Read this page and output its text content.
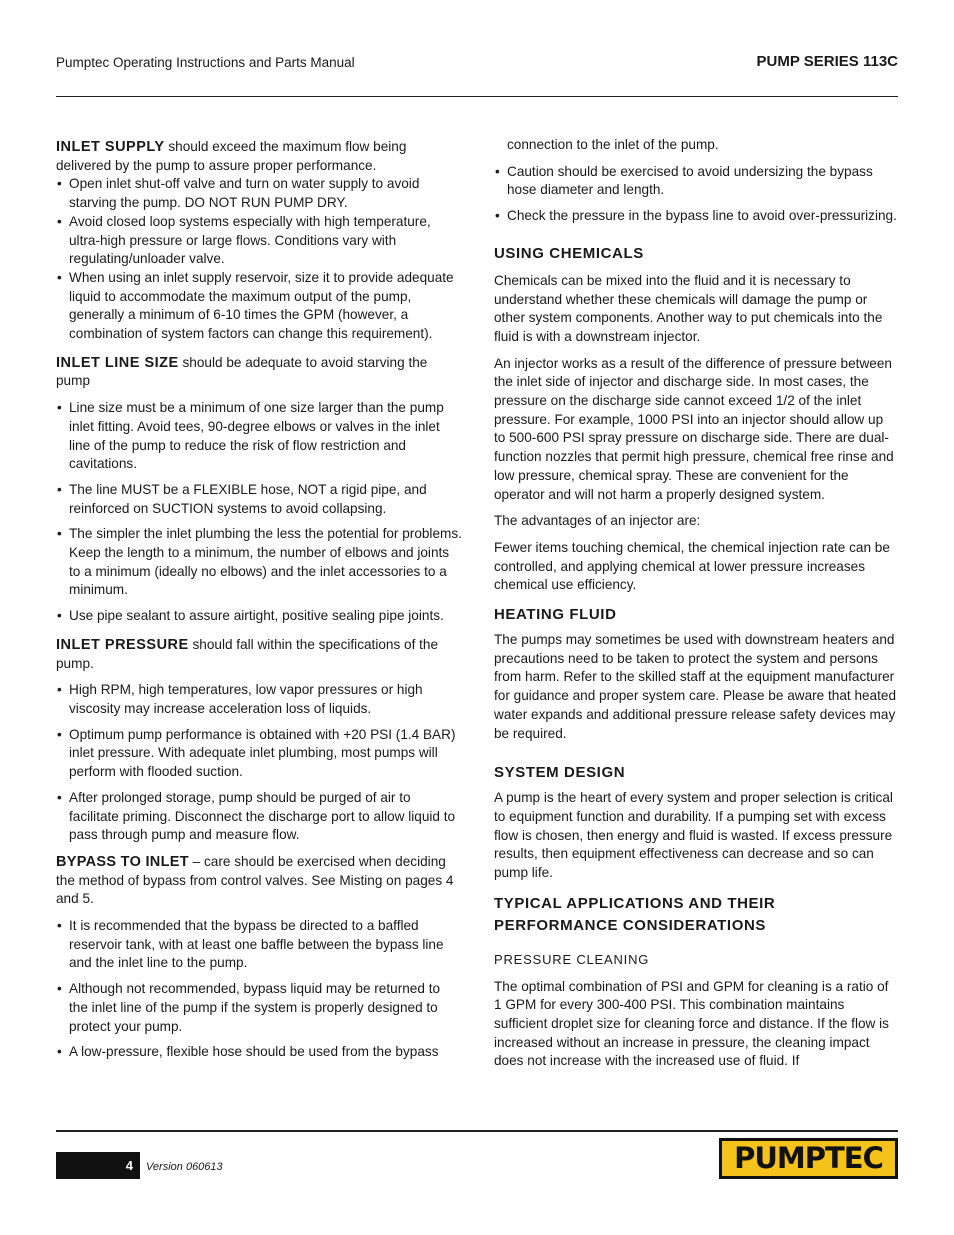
Pumptec Operating Instructions and Parts Manual	PUMP SERIES 113C

INLET SUPPLY should exceed the maximum flow being delivered by the pump to assure proper performance.

• Open inlet shut-off valve and turn on water supply to avoid starving the pump. DO NOT RUN PUMP DRY.
• Avoid closed loop systems especially with high temperature, ultra-high pressure or large flows. Conditions vary with regulating/unloader valve.
• When using an inlet supply reservoir, size it to provide adequate liquid to accommodate the maximum output of the pump, generally a minimum of 6-10 times the GPM (however, a combination of system factors can change this requirement).

INLET LINE SIZE should be adequate to avoid starving the pump

• Line size must be a minimum of one size larger than the pump inlet fitting. Avoid tees, 90-degree elbows or valves in the inlet line of the pump to reduce the risk of flow restriction and cavitations.
• The line MUST be a FLEXIBLE hose, NOT a rigid pipe, and reinforced on SUCTION systems to avoid collapsing.
• The simpler the inlet plumbing the less the potential for problems. Keep the length to a minimum, the number of elbows and joints to a minimum (ideally no elbows) and the inlet accessories to a minimum.
• Use pipe sealant to assure airtight, positive sealing pipe joints.

INLET PRESSURE should fall within the specifications of the pump.

• High RPM, high temperatures, low vapor pressures or high viscosity may increase acceleration loss of liquids.
• Optimum pump performance is obtained with +20 PSI (1.4 BAR) inlet pressure. With adequate inlet plumbing, most pumps will perform with flooded suction.
• After prolonged storage, pump should be purged of air to facilitate priming. Disconnect the discharge port to allow liquid to pass through pump and measure flow.

BYPASS TO INLET – care should be exercised when deciding the method of bypass from control valves. See Misting on pages 4 and 5.

• It is recommended that the bypass be directed to a baffled reservoir tank, with at least one baffle between the bypass line and the inlet line to the pump.
• Although not recommended, bypass liquid may be returned to the inlet line of the pump if the system is properly designed to protect your pump.
• A low-pressure, flexible hose should be used from the bypass

connection to the inlet of the pump.

• Caution should be exercised to avoid undersizing the bypass hose diameter and length.
• Check the pressure in the bypass line to avoid over-pressurizing.
USING CHEMICALS

Chemicals can be mixed into the fluid and it is necessary to understand whether these chemicals will damage the pump or other system components. Another way to put chemicals into the fluid is with a downstream injector.

An injector works as a result of the difference of pressure between the inlet side of injector and discharge side. In most cases, the pressure on the discharge side cannot exceed 1/2 of the inlet pressure. For example, 1000 PSI into an injector should allow up to 500-600 PSI spray pressure on discharge side. There are dual-function nozzles that permit high pressure, chemical free rinse and low pressure, chemical spray. These are convenient for the operator and will not harm a properly designed system.

The advantages of an injector are:

Fewer items touching chemical, the chemical injection rate can be controlled, and applying chemical at lower pressure increases chemical use efficiency.

HEATING FLUID

The pumps may sometimes be used with downstream heaters and precautions need to be taken to protect the system and persons from harm. Refer to the skilled staff at the equipment manufacturer for guidance and proper system care. Please be aware that heated water expands and additional pressure release safety devices may be required.

SYSTEM DESIGN

A pump is the heart of every system and proper selection is critical to equipment function and durability. If a pumping set with excess flow is chosen, then energy and fluid is wasted. If excess pressure results, then equipment effectiveness can decrease and so can pump life.

TYPICAL APPLICATIONS AND THEIR
PERFORMANCE CONSIDERATIONS
PRESSURE CLEANING

The optimal combination of PSI and GPM for cleaning is a ratio of 1 GPM for every 300-400 PSI. This combination maintains sufficient droplet size for cleaning force and distance. If the flow is increased without an increase in pressure, the cleaning impact does not increase with the increased use of fluid. If

4 Version 060613	PUMPTEC
